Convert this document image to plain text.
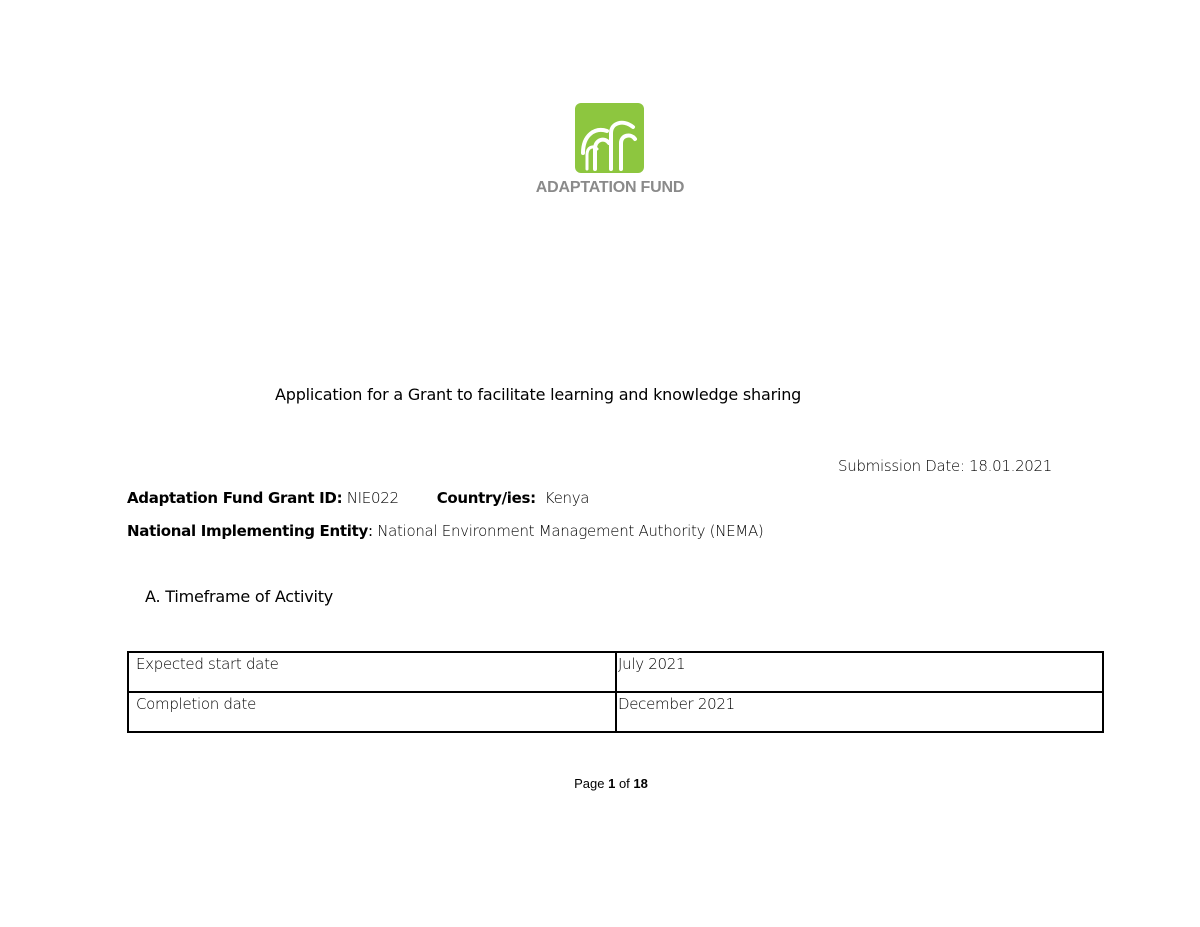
ADAPTATION FUND
Application for a Grant to facilitate learning and knowledge sharing
Submission Date: 18.01.2021
Adaptation Fund Grant ID: NIE022	Country/ies: Kenya
National Implementing Entity: National Environment Management Authority (NEMA)
A. Timeframe of Activity
Expected start date	July 2021
Completion date	December 2021
Page 1 of 18
